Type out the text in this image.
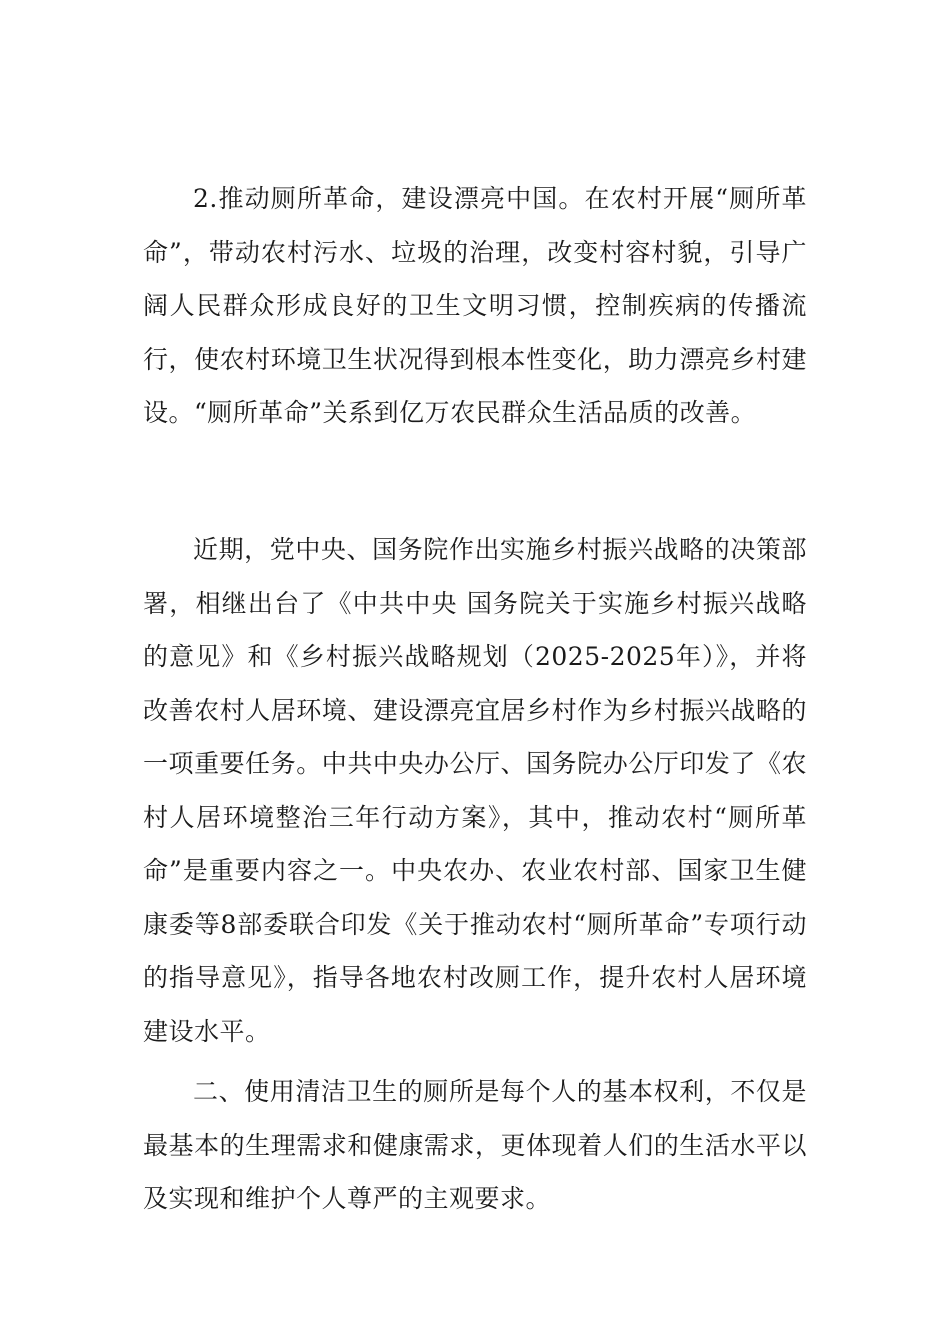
2.推动厕所革命，建设漂亮中国。在农村开展“厕所革命”，带动农村污水、垃圾的治理，改变村容村貌，引导广阔人民群众形成良好的卫生文明习惯，控制疾病的传播流行，使农村环境卫生状况得到根本性变化，助力漂亮乡村建设。“厕所革命”关系到亿万农民群众生活品质的改善。

近期，党中央、国务院作出实施乡村振兴战略的决策部署，相继出台了《中共中央 国务院关于实施乡村振兴战略的意见》和《乡村振兴战略规划（2025-2025年）》，并将改善农村人居环境、建设漂亮宜居乡村作为乡村振兴战略的一项重要任务。中共中央办公厅、国务院办公厅印发了《农村人居环境整治三年行动方案》，其中，推动农村“厕所革命”是重要内容之一。中央农办、农业农村部、国家卫生健康委等8部委联合印发《关于推动农村“厕所革命”专项行动的指导意见》，指导各地农村改厕工作，提升农村人居环境建设水平。

二、使用清洁卫生的厕所是每个人的基本权利，不仅是最基本的生理需求和健康需求，更体现着人们的生活水平以及实现和维护个人尊严的主观要求。
